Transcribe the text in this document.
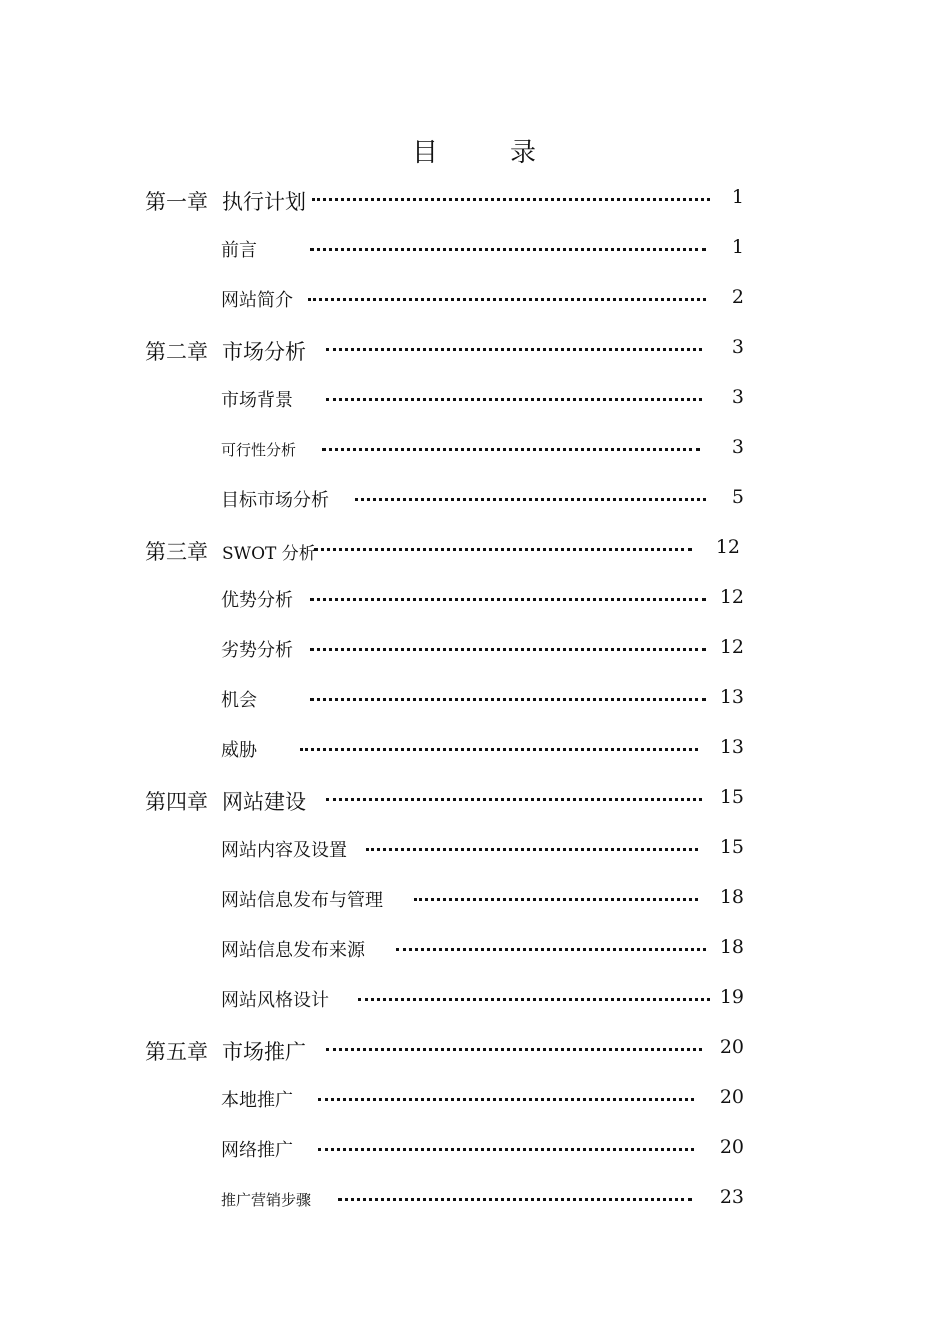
目	录
第一章 执行计划	1
前言	1
网站简介	2
第二章 市场分析	3
市场背景	3
可行性分析	3
目标市场分析	5
第三章 SWOT 分析	12
优势分析	12
劣势分析	12
机会	13
威胁	13
第四章 网站建设	15
网站内容及设置	15
网站信息发布与管理	18
网站信息发布来源	18
网站风格设计	19
第五章 市场推广	20
本地推广	20
网络推广	20
推广营销步骤	23
